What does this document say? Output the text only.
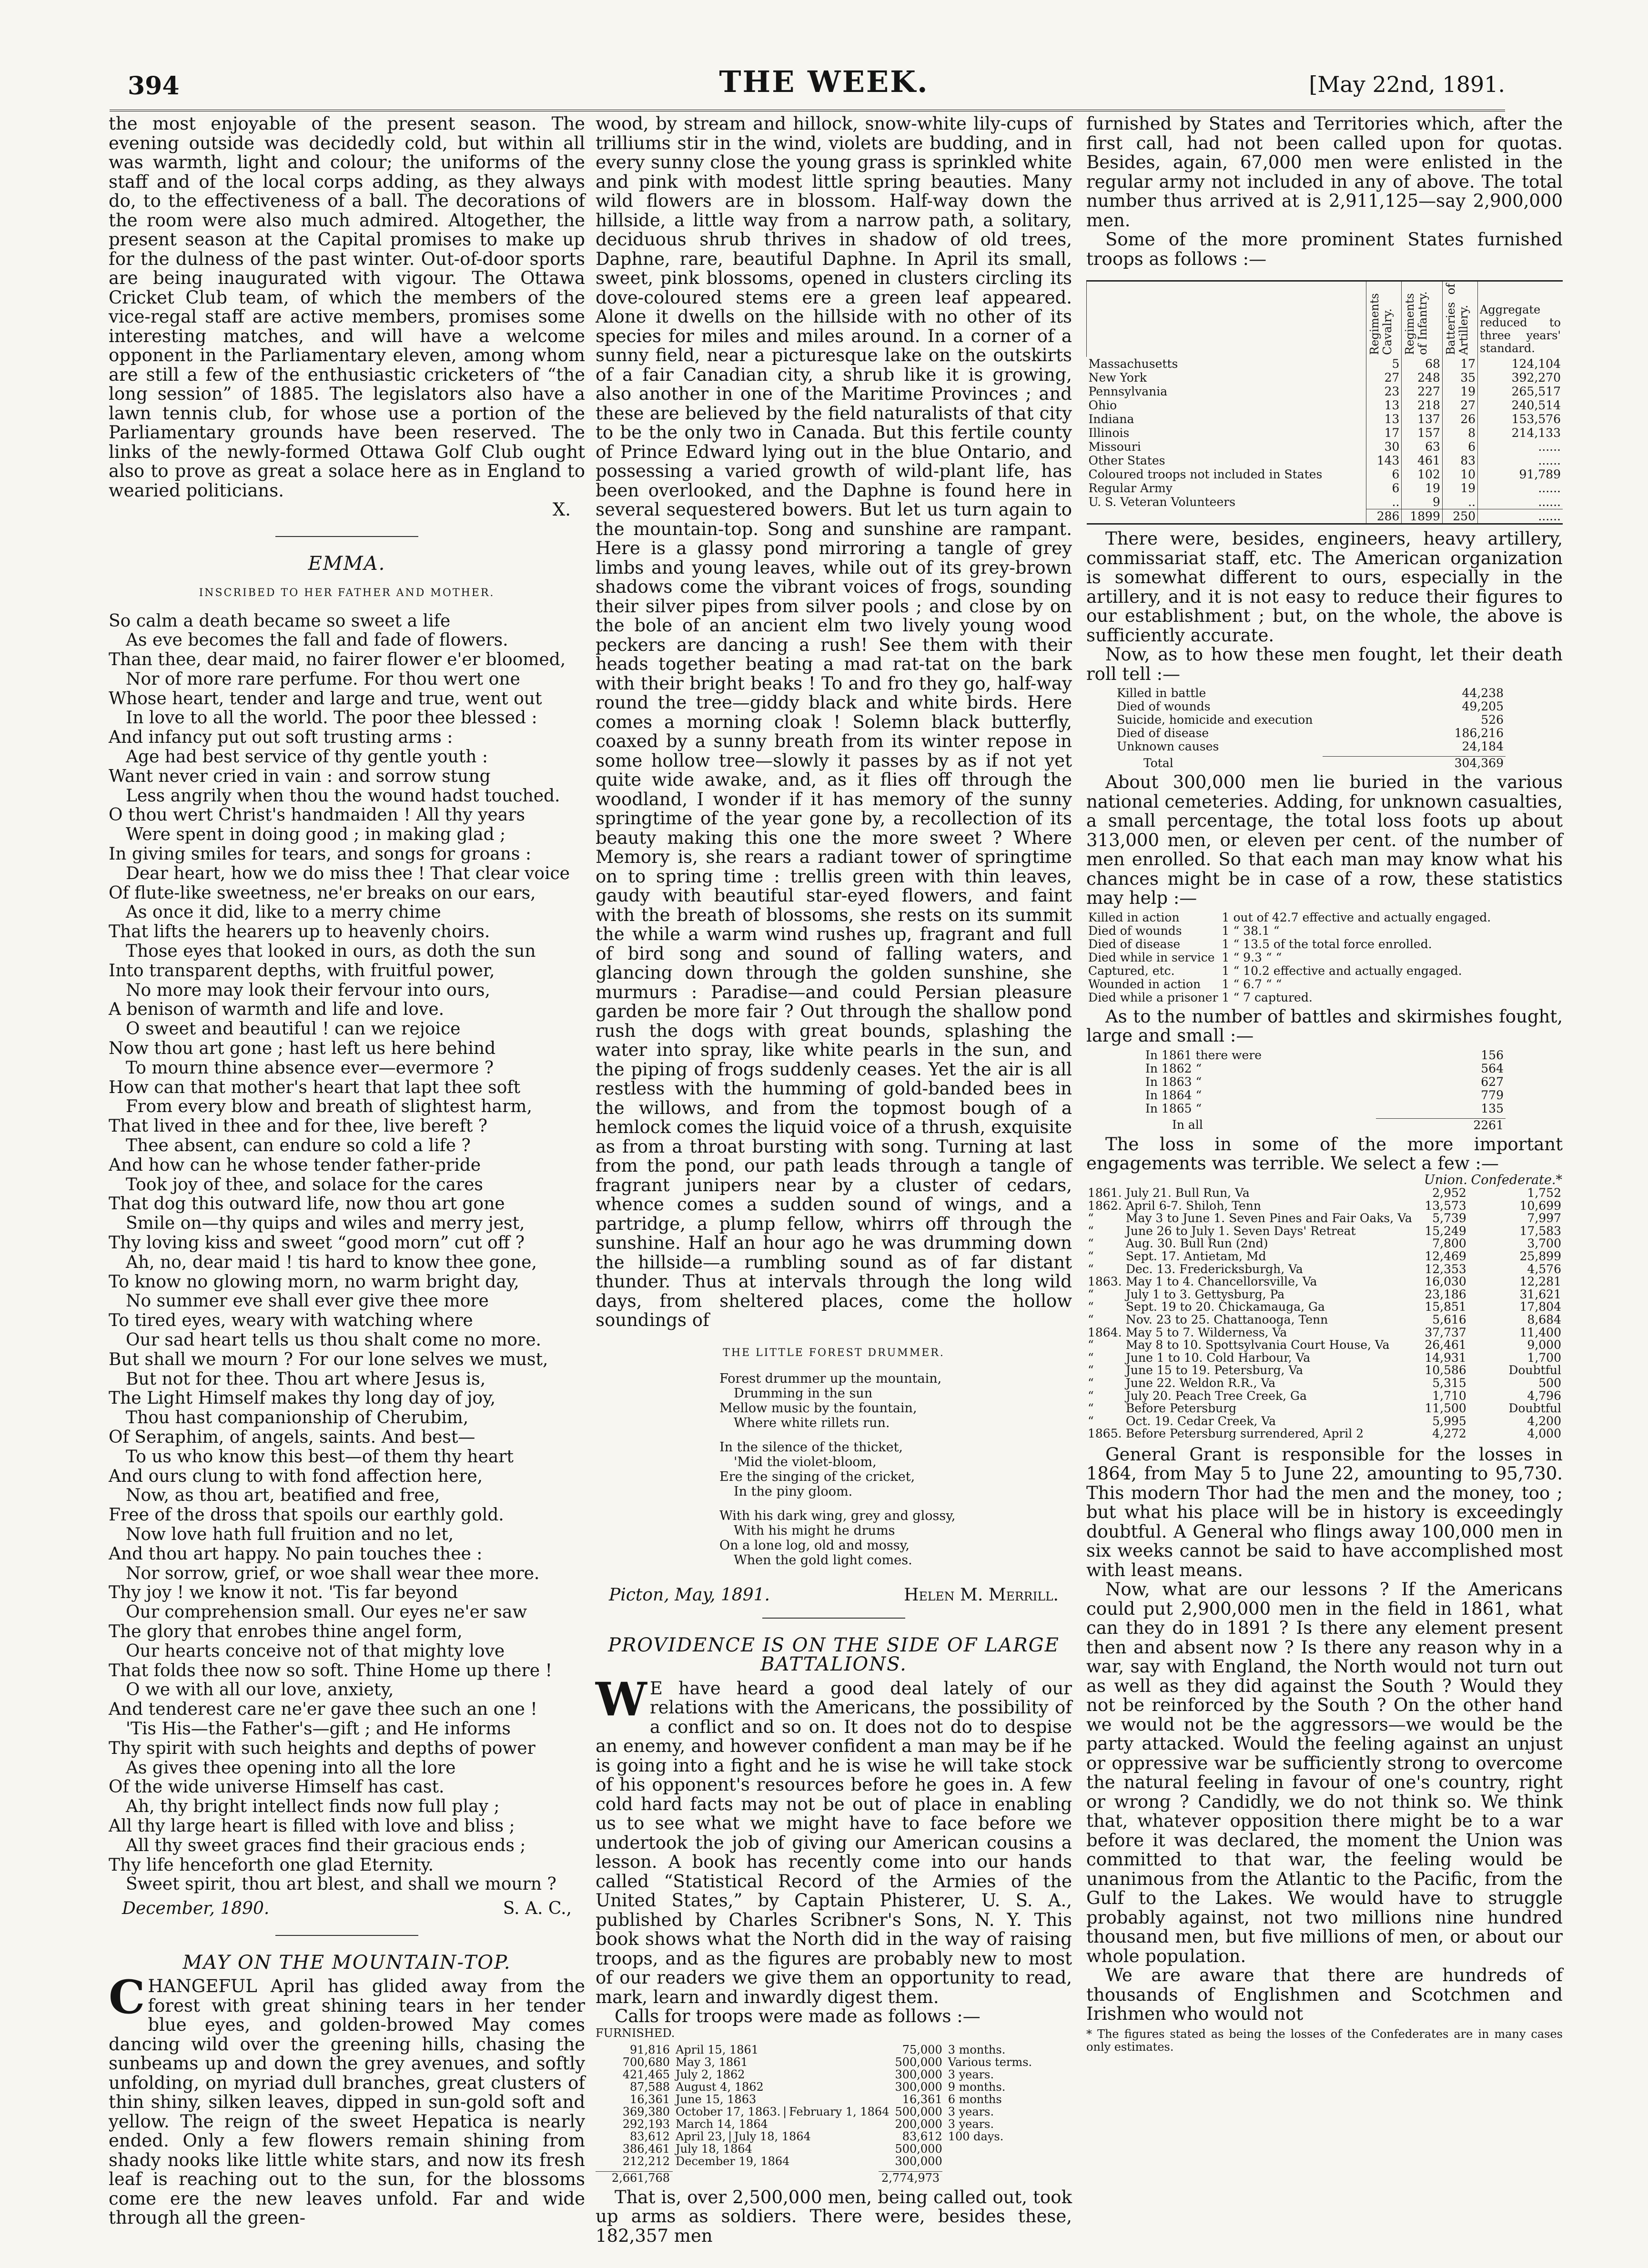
394	THE WEEK.	[May 22nd, 1891.

the most enjoyable of the present season. The evening outside was decidedly cold, but within all was warmth, light and colour; the uniforms of the staff and of the local corps adding, as they always do, to the effectiveness of a ball. The decorations of the room were also much admired. Altogether, the present season at the Capital promises to make up for the dulness of the past winter. Out-of-door sports are being inaugurated with vigour. The Ottawa Cricket Club team, of which the members of the vice-regal staff are active members, promises some interesting matches, and will have a welcome opponent in the Parliamentary eleven, among whom are still a few of the enthusiastic cricketers of “the long session” of 1885. The legislators also have a lawn tennis club, for whose use a portion of the Parliamentary grounds have been reserved. The links of the newly-formed Ottawa Golf Club ought also to prove as great a solace here as in England to wearied politicians.

X.
EMMA.
INSCRIBED TO HER FATHER AND MOTHER.
So calm a death became so sweet a life
As eve becomes the fall and fade of flowers.
Than thee, dear maid, no fairer flower e'er bloomed,
Nor of more rare perfume. For thou wert one
Whose heart, tender and large and true, went out
In love to all the world. The poor thee blessed :
And infancy put out soft trusting arms :
Age had best service of thy gentle youth :
Want never cried in vain : and sorrow stung
Less angrily when thou the wound hadst touched.
O thou wert Christ's handmaiden ! All thy years
Were spent in doing good ; in making glad ;
In giving smiles for tears, and songs for groans :
Dear heart, how we do miss thee ! That clear voice
Of flute-like sweetness, ne'er breaks on our ears,
As once it did, like to a merry chime
That lifts the hearers up to heavenly choirs.
Those eyes that looked in ours, as doth the sun
Into transparent depths, with fruitful power,
No more may look their fervour into ours,
A benison of warmth and life and love.
O sweet and beautiful ! can we rejoice
Now thou art gone ; hast left us here behind
To mourn thine absence ever—evermore ?
How can that mother's heart that lapt thee soft
From every blow and breath of slightest harm,
That lived in thee and for thee, live bereft ?
Thee absent, can endure so cold a life ?
And how can he whose tender father-pride
Took joy of thee, and solace for the cares
That dog this outward life, now thou art gone
Smile on—thy quips and wiles and merry jest,
Thy loving kiss and sweet “good morn” cut off ?
Ah, no, dear maid ! tis hard to know thee gone,
To know no glowing morn, no warm bright day,
No summer eve shall ever give thee more
To tired eyes, weary with watching where
Our sad heart tells us thou shalt come no more.
But shall we mourn ? For our lone selves we must,
But not for thee. Thou art where Jesus is,
The Light Himself makes thy long day of joy,
Thou hast companionship of Cherubim,
Of Seraphim, of angels, saints. And best—
To us who know this best—of them thy heart
And ours clung to with fond affection here,
Now, as thou art, beatified and free,
Free of the dross that spoils our earthly gold.
Now love hath full fruition and no let,
And thou art happy. No pain touches thee :
Nor sorrow, grief, or woe shall wear thee more.
Thy joy ! we know it not. 'Tis far beyond
Our comprehension small. Our eyes ne'er saw
The glory that enrobes thine angel form,
Our hearts conceive not of that mighty love
That folds thee now so soft. Thine Home up there !
O we with all our love, anxiety,
And tenderest care ne'er gave thee such an one !
'Tis His—the Father's—gift ; and He informs
Thy spirit with such heights and depths of power
As gives thee opening into all the lore
Of the wide universe Himself has cast.
Ah, thy bright intellect finds now full play ;
All thy large heart is filled with love and bliss ;
All thy sweet graces find their gracious ends ;
Thy life henceforth one glad Eternity.
Sweet spirit, thou art blest, and shall we mourn ?
December, 1890.	S. A. C.,
MAY ON THE MOUNTAIN-TOP.

CHANGEFUL April has glided away from the forest with great shining tears in her tender blue eyes, and golden-browed May comes dancing wild over the greening hills, chasing the sunbeams up and down the grey avenues, and softly unfolding, on myriad dull branches, great clusters of thin shiny, silken leaves, dipped in sun-gold soft and yellow. The reign of the sweet Hepatica is nearly ended. Only a few flowers remain shining from shady nooks like little white stars, and now its fresh leaf is reaching out to the sun, for the blossoms come ere the new leaves unfold. Far and wide through all the green-

wood, by stream and hillock, snow-white lily-cups of trilliums stir in the wind, violets are budding, and in every sunny close the young grass is sprinkled white and pink with modest little spring beauties. Many wild flowers are in blossom. Half-way down the hillside, a little way from a narrow path, a solitary, deciduous shrub thrives in shadow of old trees, Daphne, rare, beautiful Daphne. In April its small, sweet, pink blossoms, opened in clusters circling its dove-coloured stems ere a green leaf appeared. Alone it dwells on the hillside with no other of its species for miles and miles around. In a corner of a sunny field, near a picturesque lake on the outskirts of a fair Canadian city, a shrub like it is growing, also another in one of the Maritime Provinces ; and these are believed by the field naturalists of that city to be the only two in Canada. But this fertile county of Prince Edward lying out in the blue Ontario, and possessing a varied growth of wild-plant life, has been overlooked, and the Daphne is found here in several sequestered bowers. But let us turn again to the mountain-top. Song and sunshine are rampant. Here is a glassy pond mirroring a tangle of grey limbs and young leaves, while out of its grey-brown shadows come the vibrant voices of frogs, sounding their silver pipes from silver pools ; and close by on the bole of an ancient elm two lively young wood peckers are dancing a rush! See them with their heads together beating a mad rat-tat on the bark with their bright beaks ! To and fro they go, half-way round the tree—giddy black and white birds. Here comes a morning cloak ! Solemn black butterfly, coaxed by a sunny breath from its winter repose in some hollow tree—slowly it passes by as if not yet quite wide awake, and, as it flies off through the woodland, I wonder if it has memory of the sunny springtime of the year gone by, a recollection of its beauty making this one the more sweet ? Where Memory is, she rears a radiant tower of springtime on to spring time : trellis green with thin leaves, gaudy with beautiful star-eyed flowers, and faint with the breath of blossoms, she rests on its summit the while a warm wind rushes up, fragrant and full of bird song and sound of falling waters, and glancing down through the golden sunshine, she murmurs : Paradise—and could Persian pleasure garden be more fair ? Out through the shallow pond rush the dogs with great bounds, splashing the water into spray, like white pearls in the sun, and the piping of frogs suddenly ceases. Yet the air is all restless with the humming of gold-banded bees in the willows, and from the topmost bough of a hemlock comes the liquid voice of a thrush, exquisite as from a throat bursting with song. Turning at last from the pond, our path leads through a tangle of fragrant junipers near by a cluster of cedars, whence comes a sudden sound of wings, and a partridge, a plump fellow, whirrs off through the sunshine. Half an hour ago he was drumming down the hillside—a rumbling sound as of far distant thunder. Thus at intervals through the long wild days, from sheltered places, come the hollow soundings of

THE LITTLE FOREST DRUMMER.
Forest drummer up the mountain,
Drumming in the sun
Mellow music by the fountain,
Where white rillets run.
In the silence of the thicket,
'Mid the violet-bloom,
Ere the singing of the cricket,
In the piny gloom.
With his dark wing, grey and glossy,
With his might he drums
On a lone log, old and mossy,
When the gold light comes.
Picton, May, 1891.	Helen M. Merrill.
PROVIDENCE IS ON THE SIDE OF LARGE
BATTALIONS.

W E have heard a good deal lately of our relations with the Americans, the possibility of a conflict and so on. It does not do to despise an enemy, and however confident a man may be if he is going into a fight and he is wise he will take stock of his opponent's resources before he goes in. A few cold hard facts may not be out of place in enabling us to see what we might have to face before we undertook the job of giving our American cousins a lesson. A book has recently come into our hands called “Statistical Record of the Armies of the United States,” by Captain Phisterer, U. S. A., published by Charles Scribner's Sons, N. Y. This book shows what the North did in the way of raising troops, and as the figures are probably new to most of our readers we give them an opportunity to read, mark, learn and inwardly digest them.

Calls for troops were made as follows :—

FURNISHED.
91,816	April 15, 1861	75,000	3 months.
700,680	May 3, 1861	500,000	Various terms.
421,465	July 2, 1862	300,000	3 years.
87,588	August 4, 1862	300,000	9 months.
16,361	June 15, 1863	16,361	6 months
369,380	October 17, 1863. | February 1, 1864	500,000	3 years.
292,193	March 14, 1864	200,000	3 years.
83,612	April 23, | July 18, 1864	83,612	100 days.
386,461	July 18, 1864	500,000	
212,212	December 19, 1864	300,000	
2,661,768		2,774,973

That is, over 2,500,000 men, being called out, took up arms as soldiers. There were, besides these, 182,357 men

furnished by States and Territories which, after the first call, had not been called upon for quotas. Besides, again, 67,000 men were enlisted in the regular army not included in any of above. The total number thus arrived at is 2,911,125—say 2,900,000 men.

Some of the more prominent States furnished troops as follows :—

	Regiments Cavalry.	Regiments of Infantry.	Batteries of Artillery.	Aggregate reduced to three years' standard.
Massachusetts	5	68	17	124,104
New York	27	248	35	392,270
Pennsylvania	23	227	19	265,517
Ohio	13	218	27	240,514
Indiana	13	137	26	153,576
Illinois	17	157	8	214,133
Missouri	30	63	6	......
Other States	143	461	83	......
Coloured troops not included in States	6	102	10	91,789
Regular Army	6	19	19	......
U. S. Veteran Volunteers	..	9	..	......
	286	1899	250	......

There were, besides, engineers, heavy artillery, commissariat staff, etc. The American organization is somewhat different to ours, especially in the artillery, and it is not easy to reduce their figures to our establishment ; but, on the whole, the above is sufficiently accurate.

Now, as to how these men fought, let their death roll tell :—

Killed in battle	44,238
Died of wounds	49,205
Suicide, homicide and execution	526
Died of disease	186,216
Unknown causes	24,184
Total	304,369

About 300,000 men lie buried in the various national cemeteries. Adding, for unknown casualties, a small percentage, the total loss foots up about 313,000 men, or eleven per cent. of the number of men enrolled. So that each man may know what his chances might be in case of a row, these statistics may help :—

Killed in action	1	out of 42.7 effective and actually engaged.
Died of wounds	1	“ 38.1 “
Died of disease	1	“ 13.5 of the total force enrolled.
Died while in service	1	“ 9.3 “ “
Captured, etc.	1	“ 10.2 effective and actually engaged.
Wounded in action	1	“ 6.7 “ “
Died while a prisoner	1	“ 7 captured.

As to the number of battles and skirmishes fought, large and small :—

In 1861 there were	156
In 1862 “	564
In 1863 “	627
In 1864 “	779
In 1865 “	135
In all	2261

The loss in some of the more important engagements was terrible. We select a few :—

		Union.	Confederate.*
1861.	July 21. Bull Run, Va	2,952	1,752
1862.	April 6-7. Shiloh, Tenn	13,573	10,699
“	May 3 to June 1. Seven Pines and Fair Oaks, Va	5,739	7,997
“	June 26 to July 1. Seven Days' Retreat	15,249	17,583
“	Aug. 30. Bull Run (2nd)	7,800	3,700
“	Sept. 17. Antietam, Md	12,469	25,899
“	Dec. 13. Fredericksburgh, Va	12,353	4,576
1863.	May 1 to 4. Chancellorsville, Va	16,030	12,281
“	July 1 to 3. Gettysburg, Pa	23,186	31,621
“	Sept. 19 to 20. Chickamauga, Ga	15,851	17,804
“	Nov. 23 to 25. Chattanooga, Tenn	5,616	8,684
1864.	May 5 to 7. Wilderness, Va	37,737	11,400
“	May 8 to 10. Spottsylvania Court House, Va	26,461	9,000
“	June 1 to 10. Cold Harbour, Va	14,931	1,700
“	June 15 to 19. Petersburg, Va	10,586	Doubtful
“	June 22. Weldon R.R., Va	5,315	500
“	July 20. Peach Tree Creek, Ga	1,710	4,796
“	Before Petersburg	11,500	Doubtful
“	Oct. 19. Cedar Creek, Va	5,995	4,200
1865.	Before Petersburg surrendered, April 2	4,272	4,000

General Grant is responsible for the losses in 1864, from May 5 to June 22, amounting to 95,730. This modern Thor had the men and the money, too ; but what his place will be in history is exceedingly doubtful. A General who flings away 100,000 men in six weeks cannot be said to have accomplished most with least means.

Now, what are our lessons ? If the Americans could put 2,900,000 men in the field in 1861, what can they do in 1891 ? Is there any element present then and absent now ? Is there any reason why in a war, say with England, the North would not turn out as well as they did against the South ? Would they not be reinforced by the South ? On the other hand we would not be the aggressors—we would be the party attacked. Would the feeling against an unjust or oppressive war be sufficiently strong to overcome the natural feeling in favour of one's country, right or wrong ? Candidly, we do not think so. We think that, whatever opposition there might be to a war before it was declared, the moment the Union was committed to that war, the feeling would be unanimous from the Atlantic to the Pacific, from the Gulf to the Lakes. We would have to struggle probably against, not two millions nine hundred thousand men, but five millions of men, or about our whole population.

We are aware that there are hundreds of thousands of Englishmen and Scotchmen and Irishmen who would not

* The figures stated as being the losses of the Confederates are in many cases only estimates.
